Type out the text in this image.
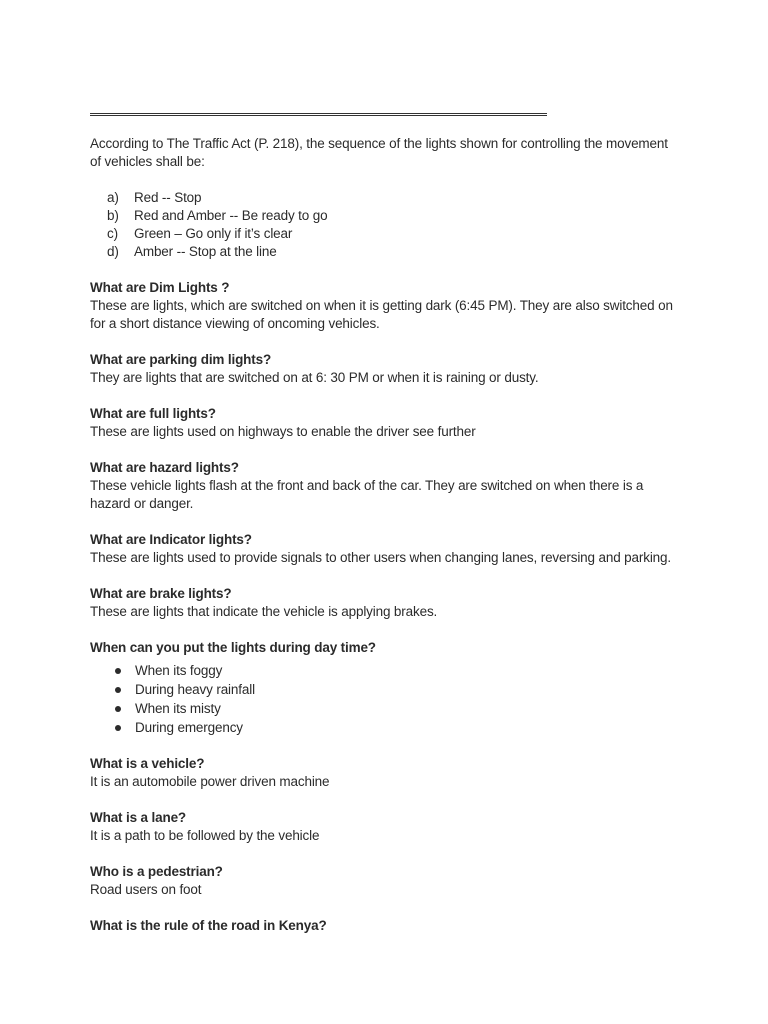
According to The Traffic Act (P. 218), the sequence of the lights shown for controlling the movement of vehicles shall be:

a)	Red -- Stop
b)	Red and Amber -- Be ready to go
c)	Green – Go only if it’s clear
d)	Amber -- Stop at the line

What are Dim Lights ?

These are lights, which are switched on when it is getting dark (6:45 PM). They are also switched on for a short distance viewing of oncoming vehicles.

What are parking dim lights?

They are lights that are switched on at 6: 30 PM or when it is raining or dusty.

What are full lights?

These are lights used on highways to enable the driver see further

What are hazard lights?

These vehicle lights flash at the front and back of the car. They are switched on when there is a hazard or danger.

What are Indicator lights?

These are lights used to provide signals to other users when changing lanes, reversing and parking.

What are brake lights?

These are lights that indicate the vehicle is applying brakes.

When can you put the lights during day time?

When its foggy
During heavy rainfall
When its misty
During emergency

What is a vehicle?

It is an automobile power driven machine

What is a lane?

It is a path to be followed by the vehicle

Who is a pedestrian?

Road users on foot

What is the rule of the road in Kenya?
